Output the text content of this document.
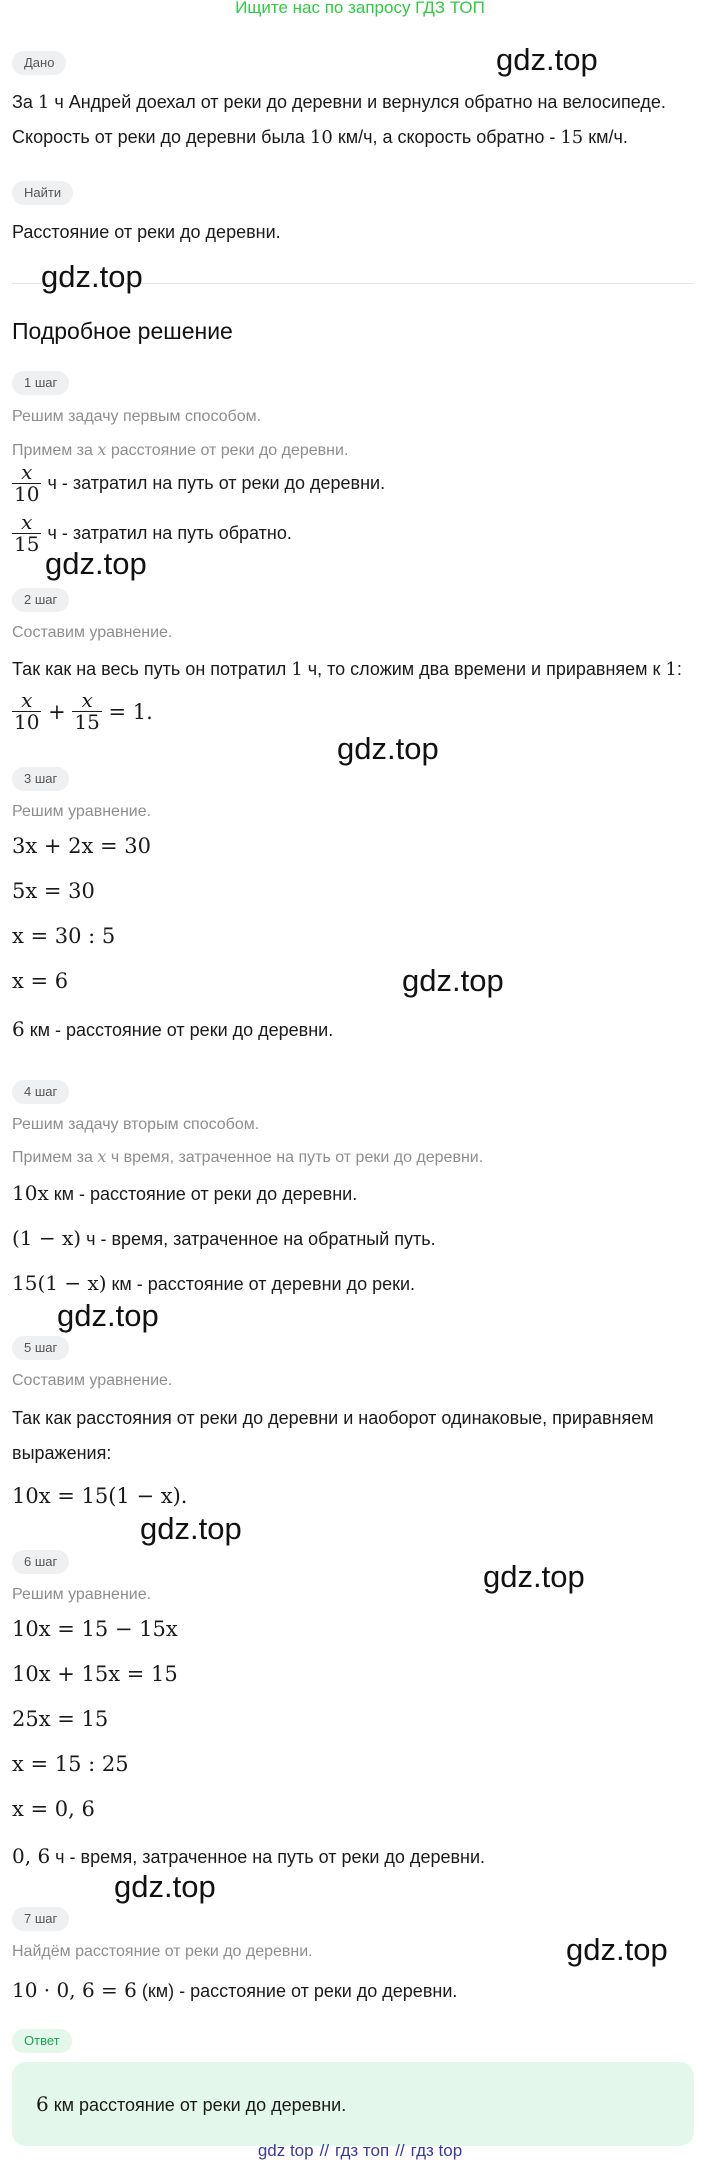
Ищите нас по запросу ГДЗ ТОП
Дано
За 1 ч Андрей доехал от реки до деревни и вернулся обратно на велосипеде.
Скорость от реки до деревни была 10 км/ч, а скорость обратно - 15 км/ч.
Найти
Расстояние от реки до деревни.
Подробное решение
1 шаг
Решим задачу первым способом.
Примем за x расстояние от реки до деревни.
$\frac{x}{10}$ ч - затратил на путь от реки до деревни.
$\frac{x}{15}$ ч - затратил на путь обратно.
2 шаг
Составим уравнение.
Так как на весь путь он потратил 1 ч, то сложим два времени и приравняем к 1:
$\frac{x}{10} + \frac{x}{15} = 1$.
3 шаг
Решим уравнение.
3x + 2x = 30
5x = 30
x = 30 : 5
x = 6
6 км - расстояние от реки до деревни.
4 шаг
Решим задачу вторым способом.
Примем за x ч время, затраченное на путь от реки до деревни.
10x км - расстояние от реки до деревни.
(1 − x) ч - время, затраченное на обратный путь.
15(1 − x) км - расстояние от деревни до реки.
5 шаг
Составим уравнение.
Так как расстояния от реки до деревни и наоборот одинаковые, приравняем
выражения:
10x = 15(1 − x).
6 шаг
Решим уравнение.
10x = 15 − 15x
10x + 15x = 15
25x = 15
x = 15 : 25
x = 0, 6
0, 6 ч - время, затраченное на путь от реки до деревни.
7 шаг
Найдём расстояние от реки до деревни.
10 · 0, 6 = 6 (км) - расстояние от реки до деревни.
Ответ
6 км расстояние от реки до деревни.
gdz top // гдз топ // гдз top
gdz.top
gdz.top
gdz.top
gdz.top
gdz.top
gdz.top
gdz.top
gdz.top
gdz.top
gdz.top
